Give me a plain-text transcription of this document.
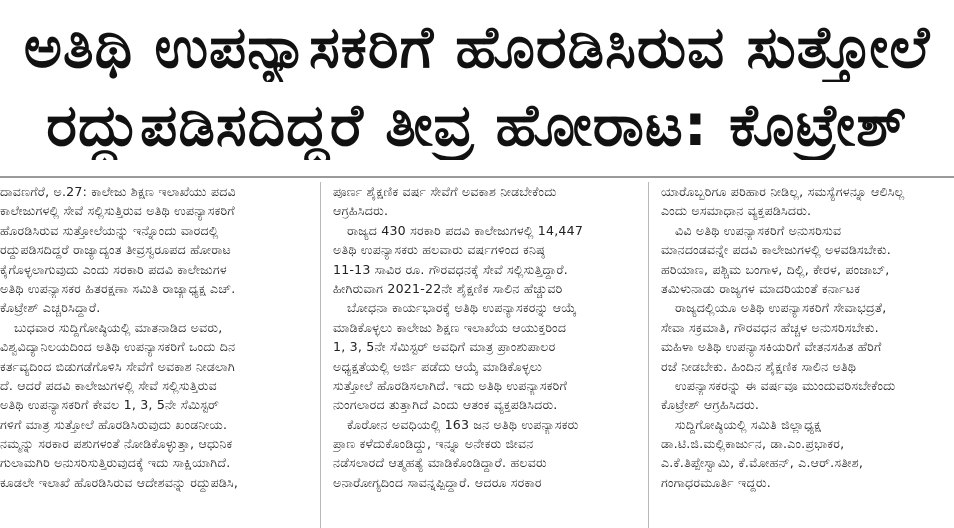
ಅತಿಥಿ ಉಪನ್ಯಾಸಕರಿಗೆ ಹೊರಡಿಸಿರುವ ಸುತ್ತೋಲೆ
ರದ್ದುಪಡಿಸದಿದ್ದರೆ ತೀವ್ರ ಹೋರಾಟ: ಕೊಟ್ರೇಶ್
ದಾವಣಗೆರೆ, ಅ.27: ಕಾಲೇಜು ಶಿಕ್ಷಣ ಇಲಾಖೆಯು ಪದವಿ
ಕಾಲೇಜುಗಳಲ್ಲಿ ಸೇವೆ ಸಲ್ಲಿಸುತ್ತಿರುವ ಅತಿಥಿ ಉಪನ್ಯಾಸಕರಿಗೆ
ಹೊರಡಿಸಿರುವ ಸುತ್ತೋಲೆಯನ್ನು ಇನ್ನೊಂದು ವಾರದಲ್ಲಿ
ರದ್ದುಪಡಿಸದಿದ್ದರೆ ರಾಜ್ಯಾದ್ಯಂತ ತೀವ್ರಸ್ವರೂಪದ ಹೋರಾಟ
ಕೈಗೊಳ್ಳಲಾಗುವುದು ಎಂದು ಸರಕಾರಿ ಪದವಿ ಕಾಲೇಜುಗಳ
ಅತಿಥಿ ಉಪನ್ಯಾಸಕರ ಹಿತರಕ್ಷಣಾ ಸಮಿತಿ ರಾಜ್ಯಾಧ್ಯಕ್ಷ ಎಚ್.
ಕೊಟ್ರೇಶ್ ಎಚ್ಚರಿಸಿದ್ದಾರೆ.
ಬುಧವಾರ ಸುದ್ದಿಗೋಷ್ಠಿಯಲ್ಲಿ ಮಾತನಾಡಿದ ಅವರು,
ವಿಶ್ವವಿದ್ಯಾನಿಲಯದಿಂದ ಅತಿಥಿ ಉಪನ್ಯಾಸಕರಿಗೆ ಒಂದು ದಿನ
ಕರ್ತವ್ಯದಿಂದ ಬಿಡುಗಡೆಗೊಳಿಸಿ ಸೇವೆಗೆ ಅವಕಾಶ ನೀಡಲಾಗಿ
ದೆ. ಆದರೆ ಪದವಿ ಕಾಲೇಜುಗಳಲ್ಲಿ ಸೇವೆ ಸಲ್ಲಿಸುತ್ತಿರುವ
ಅತಿಥಿ ಉಪನ್ಯಾಸಕರಿಗೆ ಕೇವಲ 1, 3, 5ನೇ ಸೆಮಿಸ್ಟರ್
ಗಳಿಗೆ ಮಾತ್ರ ಸುತ್ತೋಲೆ ಹೊರಡಿಸಿರುವುದು ಖಂಡನೀಯ.
ನಮ್ಮನ್ನು ಸರಕಾರ ಪಶುಗಳಂತೆ ನೋಡಿಕೊಳ್ಳುತ್ತಾ, ಆಧುನಿಕ
ಗುಲಾಮಗಿರಿ ಅನುಸರಿಸುತ್ತಿರುವುದಕ್ಕೆ ಇದು ಸಾಕ್ಷಿಯಾಗಿದೆ.
ಕೂಡಲೇ ಇಲಾಖೆ ಹೊರಡಿಸಿರುವ ಆದೇಶವನ್ನು ರದ್ದುಪಡಿಸಿ,
ಪೂರ್ಣ ಶೈಕ್ಷಣಿಕ ವರ್ಷ ಸೇವೆಗೆ ಅವಕಾಶ ನೀಡಬೇಕೆಂದು
ಆಗ್ರಹಿಸಿದರು.
ರಾಜ್ಯದ 430 ಸರಕಾರಿ ಪದವಿ ಕಾಲೇಜುಗಳಲ್ಲಿ 14,447
ಅತಿಥಿ ಉಪನ್ಯಾಸಕರು ಹಲವಾರು ವರ್ಷಗಳಿಂದ ಕನಿಷ್ಠ
11-13 ಸಾವಿರ ರೂ. ಗೌರವಧನಕ್ಕೆ ಸೇವೆ ಸಲ್ಲಿಸುತ್ತಿದ್ದಾರೆ.
ಹೀಗಿರುವಾಗ 2021-22ನೇ ಶೈಕ್ಷಣಿಕ ಸಾಲಿನ ಹೆಚ್ಚುವರಿ
ಬೋಧನಾ ಕಾರ್ಯಭಾರಕ್ಕೆ ಅತಿಥಿ ಉಪನ್ಯಾಸಕರನ್ನು ಆಯ್ಕೆ
ಮಾಡಿಕೊಳ್ಳಲು ಕಾಲೇಜು ಶಿಕ್ಷಣ ಇಲಾಖೆಯ ಆಯುಕ್ತರಿಂದ
1, 3, 5ನೇ ಸೆಮಿಸ್ಟರ್ ಅವಧಿಗೆ ಮಾತ್ರ ಪ್ರಾಂಶುಪಾಲರ
ಅಧ್ಯಕ್ಷತೆಯಲ್ಲಿ ಅರ್ಜಿ ಪಡೆದು ಆಯ್ಕೆ ಮಾಡಿಕೊಳ್ಳಲು
ಸುತ್ತೋಲೆ ಹೊರಡಿಸಲಾಗಿದೆ. ಇದು ಅತಿಥಿ ಉಪನ್ಯಾಸಕರಿಗೆ
ನುಂಗಲಾರದ ತುತ್ತಾಗಿದೆ ಎಂದು ಆತಂಕ ವ್ಯಕ್ತಪಡಿಸಿದರು.
ಕೊರೋನ ಅವಧಿಯಲ್ಲಿ 163 ಜನ ಅತಿಥಿ ಉಪನ್ಯಾಸಕರು
ಪ್ರಾಣ ಕಳೆದುಕೊಂಡಿದ್ದು, ಇನ್ನೂ ಅನೇಕರು ಜೀವನ
ನಡೆಸಲಾರದೆ ಆತ್ಮಹತ್ಯೆ ಮಾಡಿಕೊಂಡಿದ್ದಾರೆ. ಹಲವರು
ಅನಾರೋಗ್ಯದಿಂದ ಸಾವನ್ನಪ್ಪಿದ್ದಾರೆ. ಆದರೂ ಸರಕಾರ
ಯಾರೊಬ್ಬರಿಗೂ ಪರಿಹಾರ ನೀಡಿಲ್ಲ, ಸಮಸ್ಯೆಗಳನ್ನೂ ಆಲಿಸಿಲ್ಲ
ಎಂದು ಅಸಮಾಧಾನ ವ್ಯಕ್ತಪಡಿಸಿದರು.
ವಿವಿ ಅತಿಥಿ ಉಪನ್ಯಾಸಕರಿಗೆ ಅನುಸರಿಸುವ
ಮಾನದಂಡವನ್ನೇ ಪದವಿ ಕಾಲೇಜುಗಳಲ್ಲಿ ಅಳವಡಿಸಬೇಕು.
ಹರಿಯಾಣ, ಪಶ್ಚಿಮ ಬಂಗಾಳ, ದಿಲ್ಲಿ, ಕೇರಳ, ಪಂಜಾಬ್,
ತಮಿಳುನಾಡು ರಾಜ್ಯಗಳ ಮಾದರಿಯಂತೆ ಕರ್ನಾಟಕ
ರಾಜ್ಯದಲ್ಲಿಯೂ ಅತಿಥಿ ಉಪನ್ಯಾಸಕರಿಗೆ ಸೇವಾಭದ್ರತೆ,
ಸೇವಾ ಸಕ್ರಮಾತಿ, ಗೌರವಧನ ಹೆಚ್ಚಳ ಅನುಸರಿಸಬೇಕು.
ಮಹಿಳಾ ಅತಿಥಿ ಉಪನ್ಯಾಸಕಿಯರಿಗೆ ವೇತನಸಹಿತ ಹೆರಿಗೆ
ರಜೆ ನೀಡಬೇಕು. ಹಿಂದಿನ ಶೈಕ್ಷಣಿಕ ಸಾಲಿನ ಅತಿಥಿ
ಉಪನ್ಯಾಸಕರನ್ನು ಈ ವರ್ಷವೂ ಮುಂದುವರಿಸಬೇಕೆಂದು
ಕೊಟ್ರೇಶ್ ಆಗ್ರಹಿಸಿದರು.
ಸುದ್ದಿಗೋಷ್ಠಿಯಲ್ಲಿ ಸಮಿತಿ ಜಿಲ್ಲಾಧ್ಯಕ್ಷ
ಡಾ.ಟಿ.ಜಿ.ಮಲ್ಲಿಕಾರ್ಜುನ, ಡಾ.ಎಂ.ಪ್ರಭಾಕರ,
ಎ.ಕೆ.ತಿಪ್ಪೇಸ್ವಾಮಿ, ಕೆ.ಮೋಹನ್, ಎ.ಆರ್.ಸತೀಶ,
ಗಂಗಾಧರಮೂರ್ತಿ ಇದ್ದರು.
